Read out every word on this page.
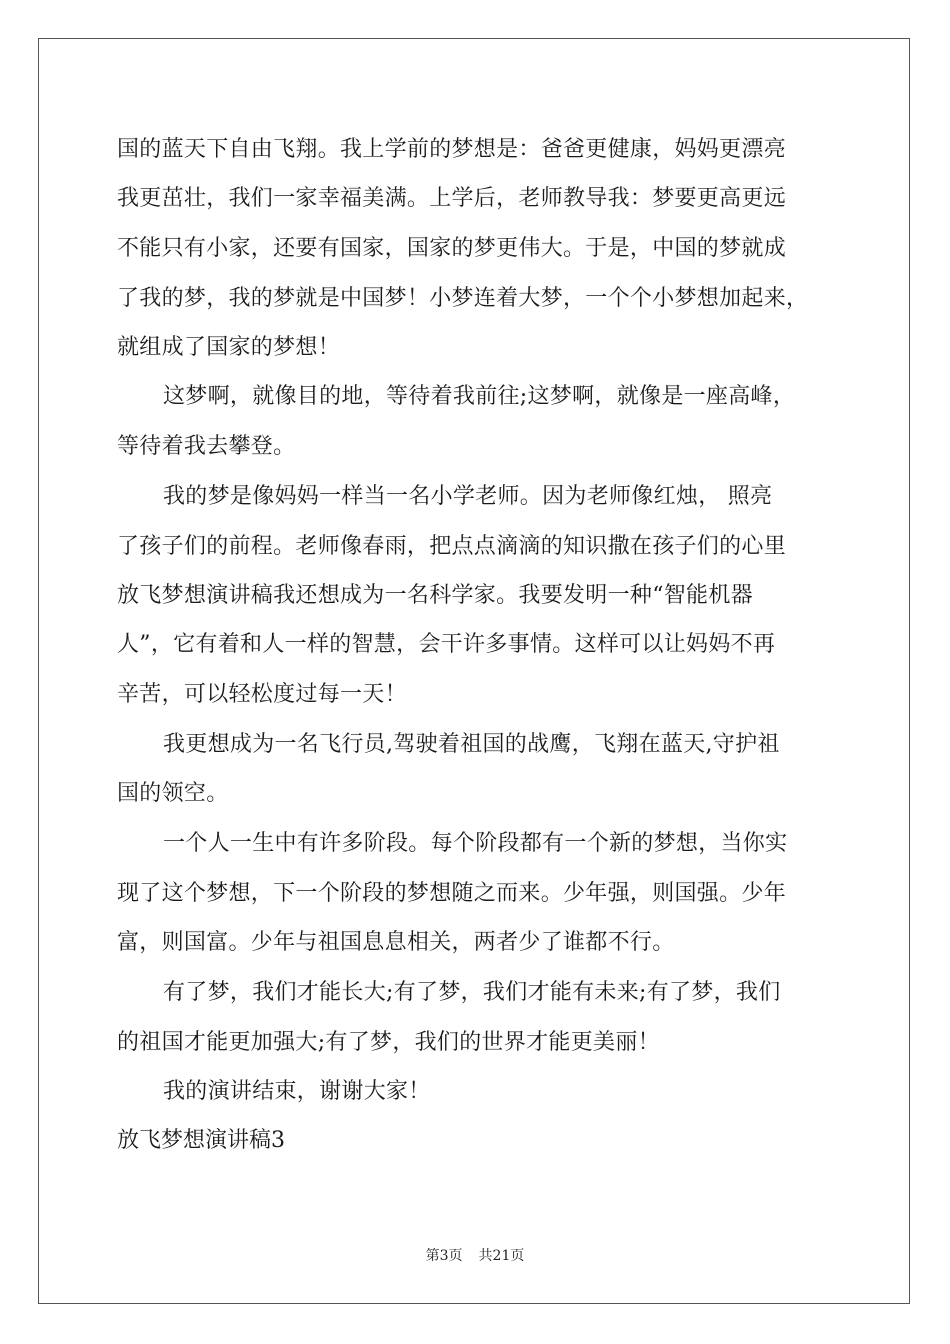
国的蓝天下自由飞翔。我上学前的梦想是：爸爸更健康，妈妈更漂亮
我更茁壮，我们一家幸福美满。上学后，老师教导我：梦要更高更远
不能只有小家，还要有国家，国家的梦更伟大。于是，中国的梦就成
了我的梦，我的梦就是中国梦！小梦连着大梦，一个个小梦想加起来，
就组成了国家的梦想！
这梦啊，就像目的地，等待着我前往;这梦啊，就像是一座高峰，
等待着我去攀登。
我的梦是像妈妈一样当一名小学老师。因为老师像红烛， 照亮
了孩子们的前程。老师像春雨，把点点滴滴的知识撒在孩子们的心里
放飞梦想演讲稿我还想成为一名科学家。我要发明一种“智能机器
人”，它有着和人一样的智慧，会干许多事情。这样可以让妈妈不再
辛苦，可以轻松度过每一天！
我更想成为一名飞行员,驾驶着祖国的战鹰，飞翔在蓝天,守护祖
国的领空。
一个人一生中有许多阶段。每个阶段都有一个新的梦想，当你实
现了这个梦想，下一个阶段的梦想随之而来。少年强，则国强。少年
富，则国富。少年与祖国息息相关，两者少了谁都不行。
有了梦，我们才能长大;有了梦，我们才能有未来;有了梦，我们
的祖国才能更加强大;有了梦，我们的世界才能更美丽！
我的演讲结束，谢谢大家！
放飞梦想演讲稿3
第3页 共21页
